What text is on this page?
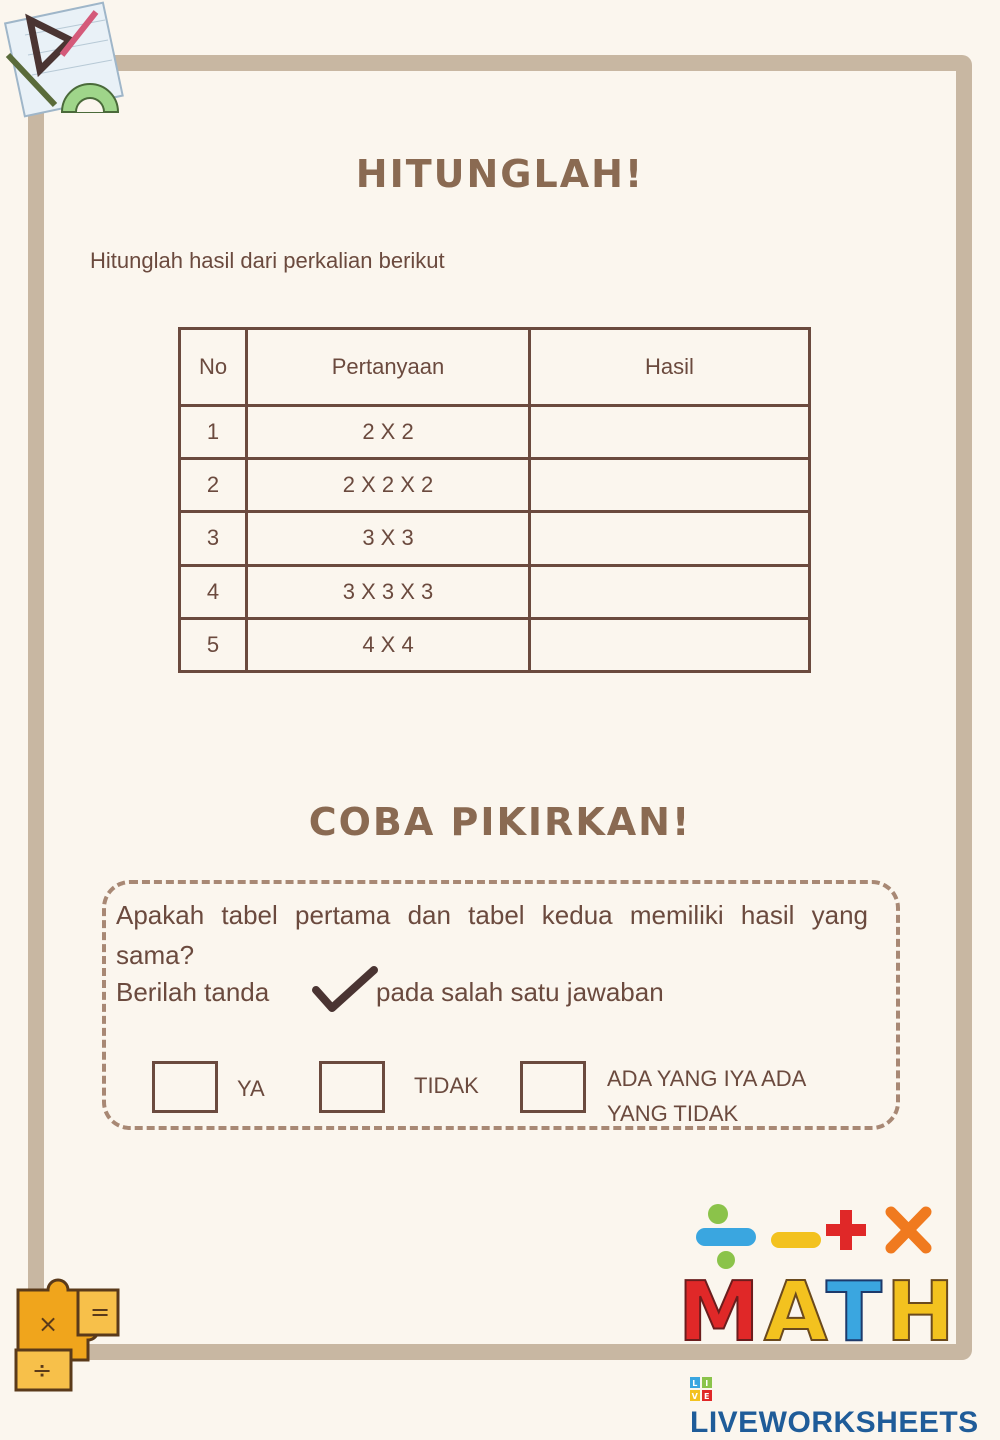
HITUNGLAH!
Hitunglah hasil dari perkalian berikut
No	Pertanyaan	Hasil
1	2 X 2	
2	2 X 2 X 2	
3	3 X 3	
4	3 X 3 X 3	
5	4 X 4	
COBA PIKIRKAN!
Apakah tabel pertama dan tabel kedua memiliki hasil yang sama?
Berilah tanda	pada salah satu jawaban
YA	TIDAK	ADA YANG IYA ADA
YANG TIDAK
M A
T H
× =
÷	L I
V E
LIVEWORKSHEETS
